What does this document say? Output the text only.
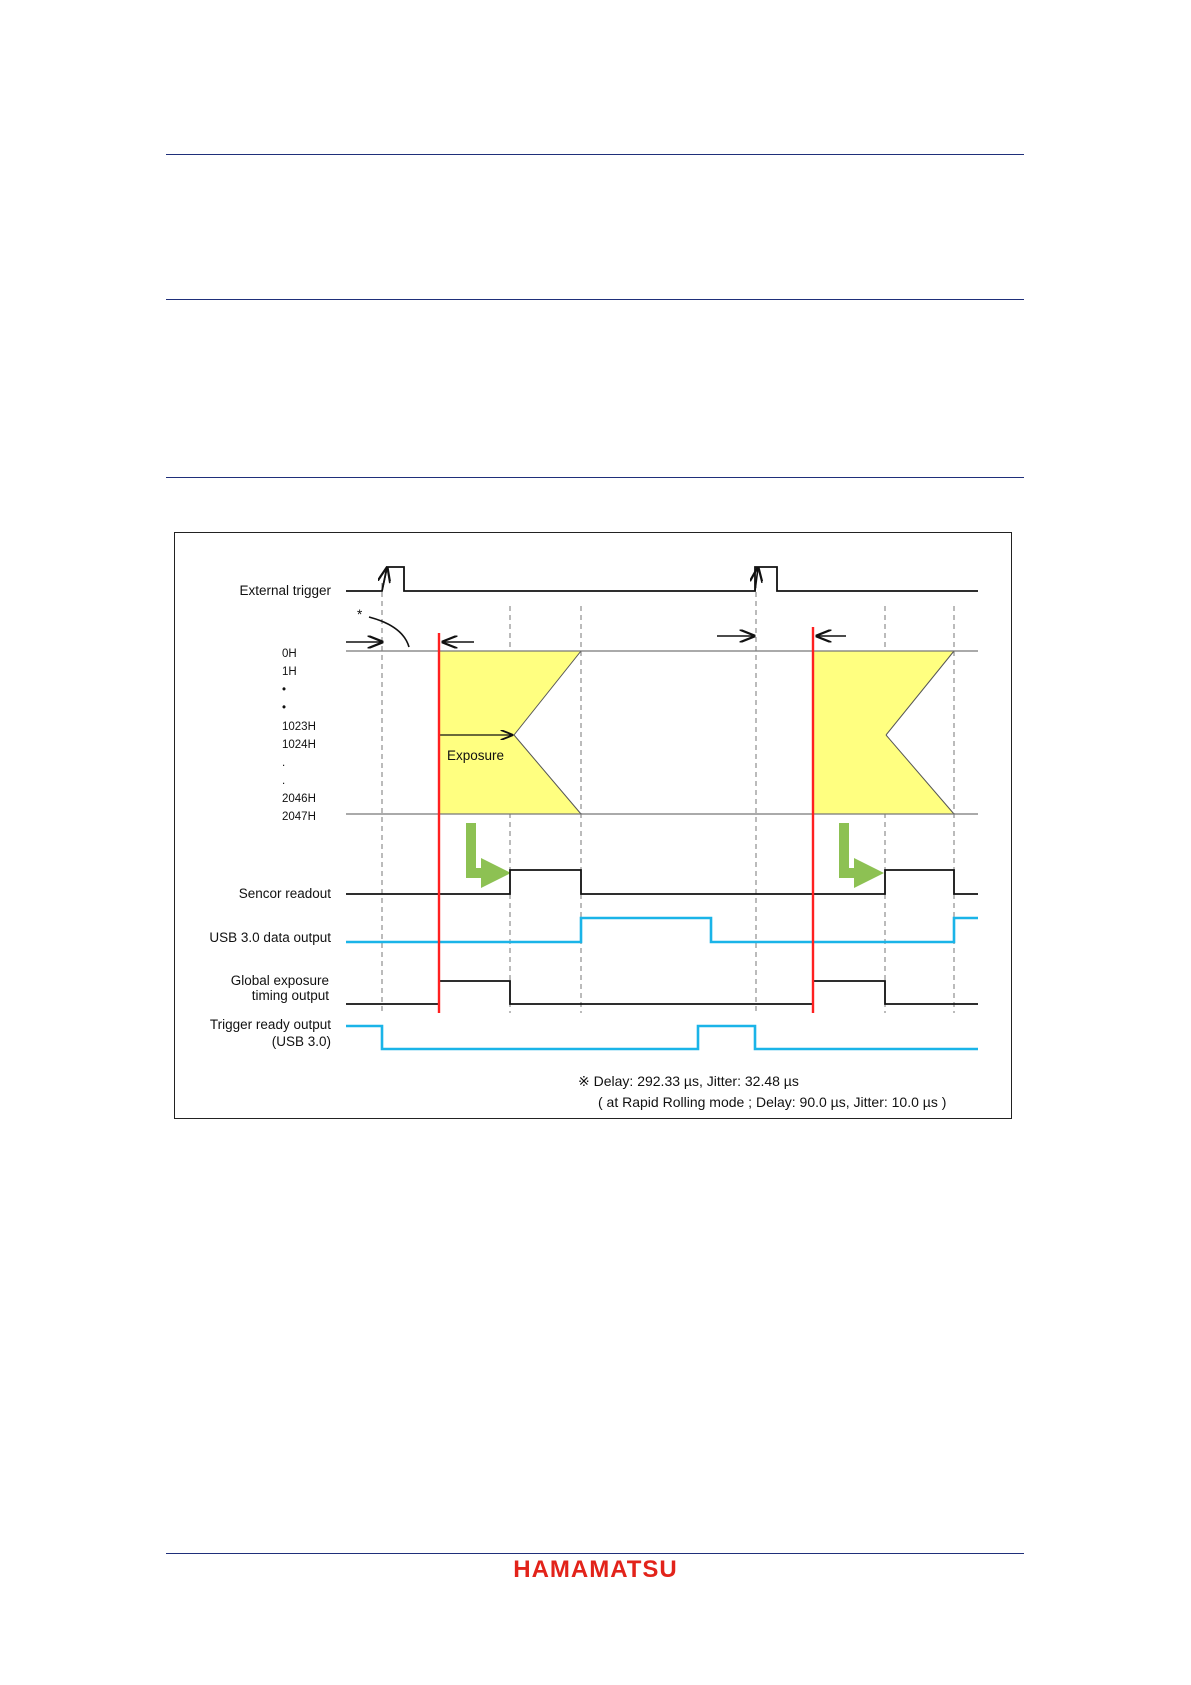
*
Exposure
External trigger
Sencor readout
USB 3.0 data output
Global exposure
timing output
Trigger ready output
(USB 3.0)
0H
1H
•
•
1023H
1024H
.
.
2046H
2047H
※ Delay: 292.33 µs, Jitter: 32.48 µs
( at Rapid Rolling mode ; Delay: 90.0 µs, Jitter: 10.0 µs )
HAMAMATSU
